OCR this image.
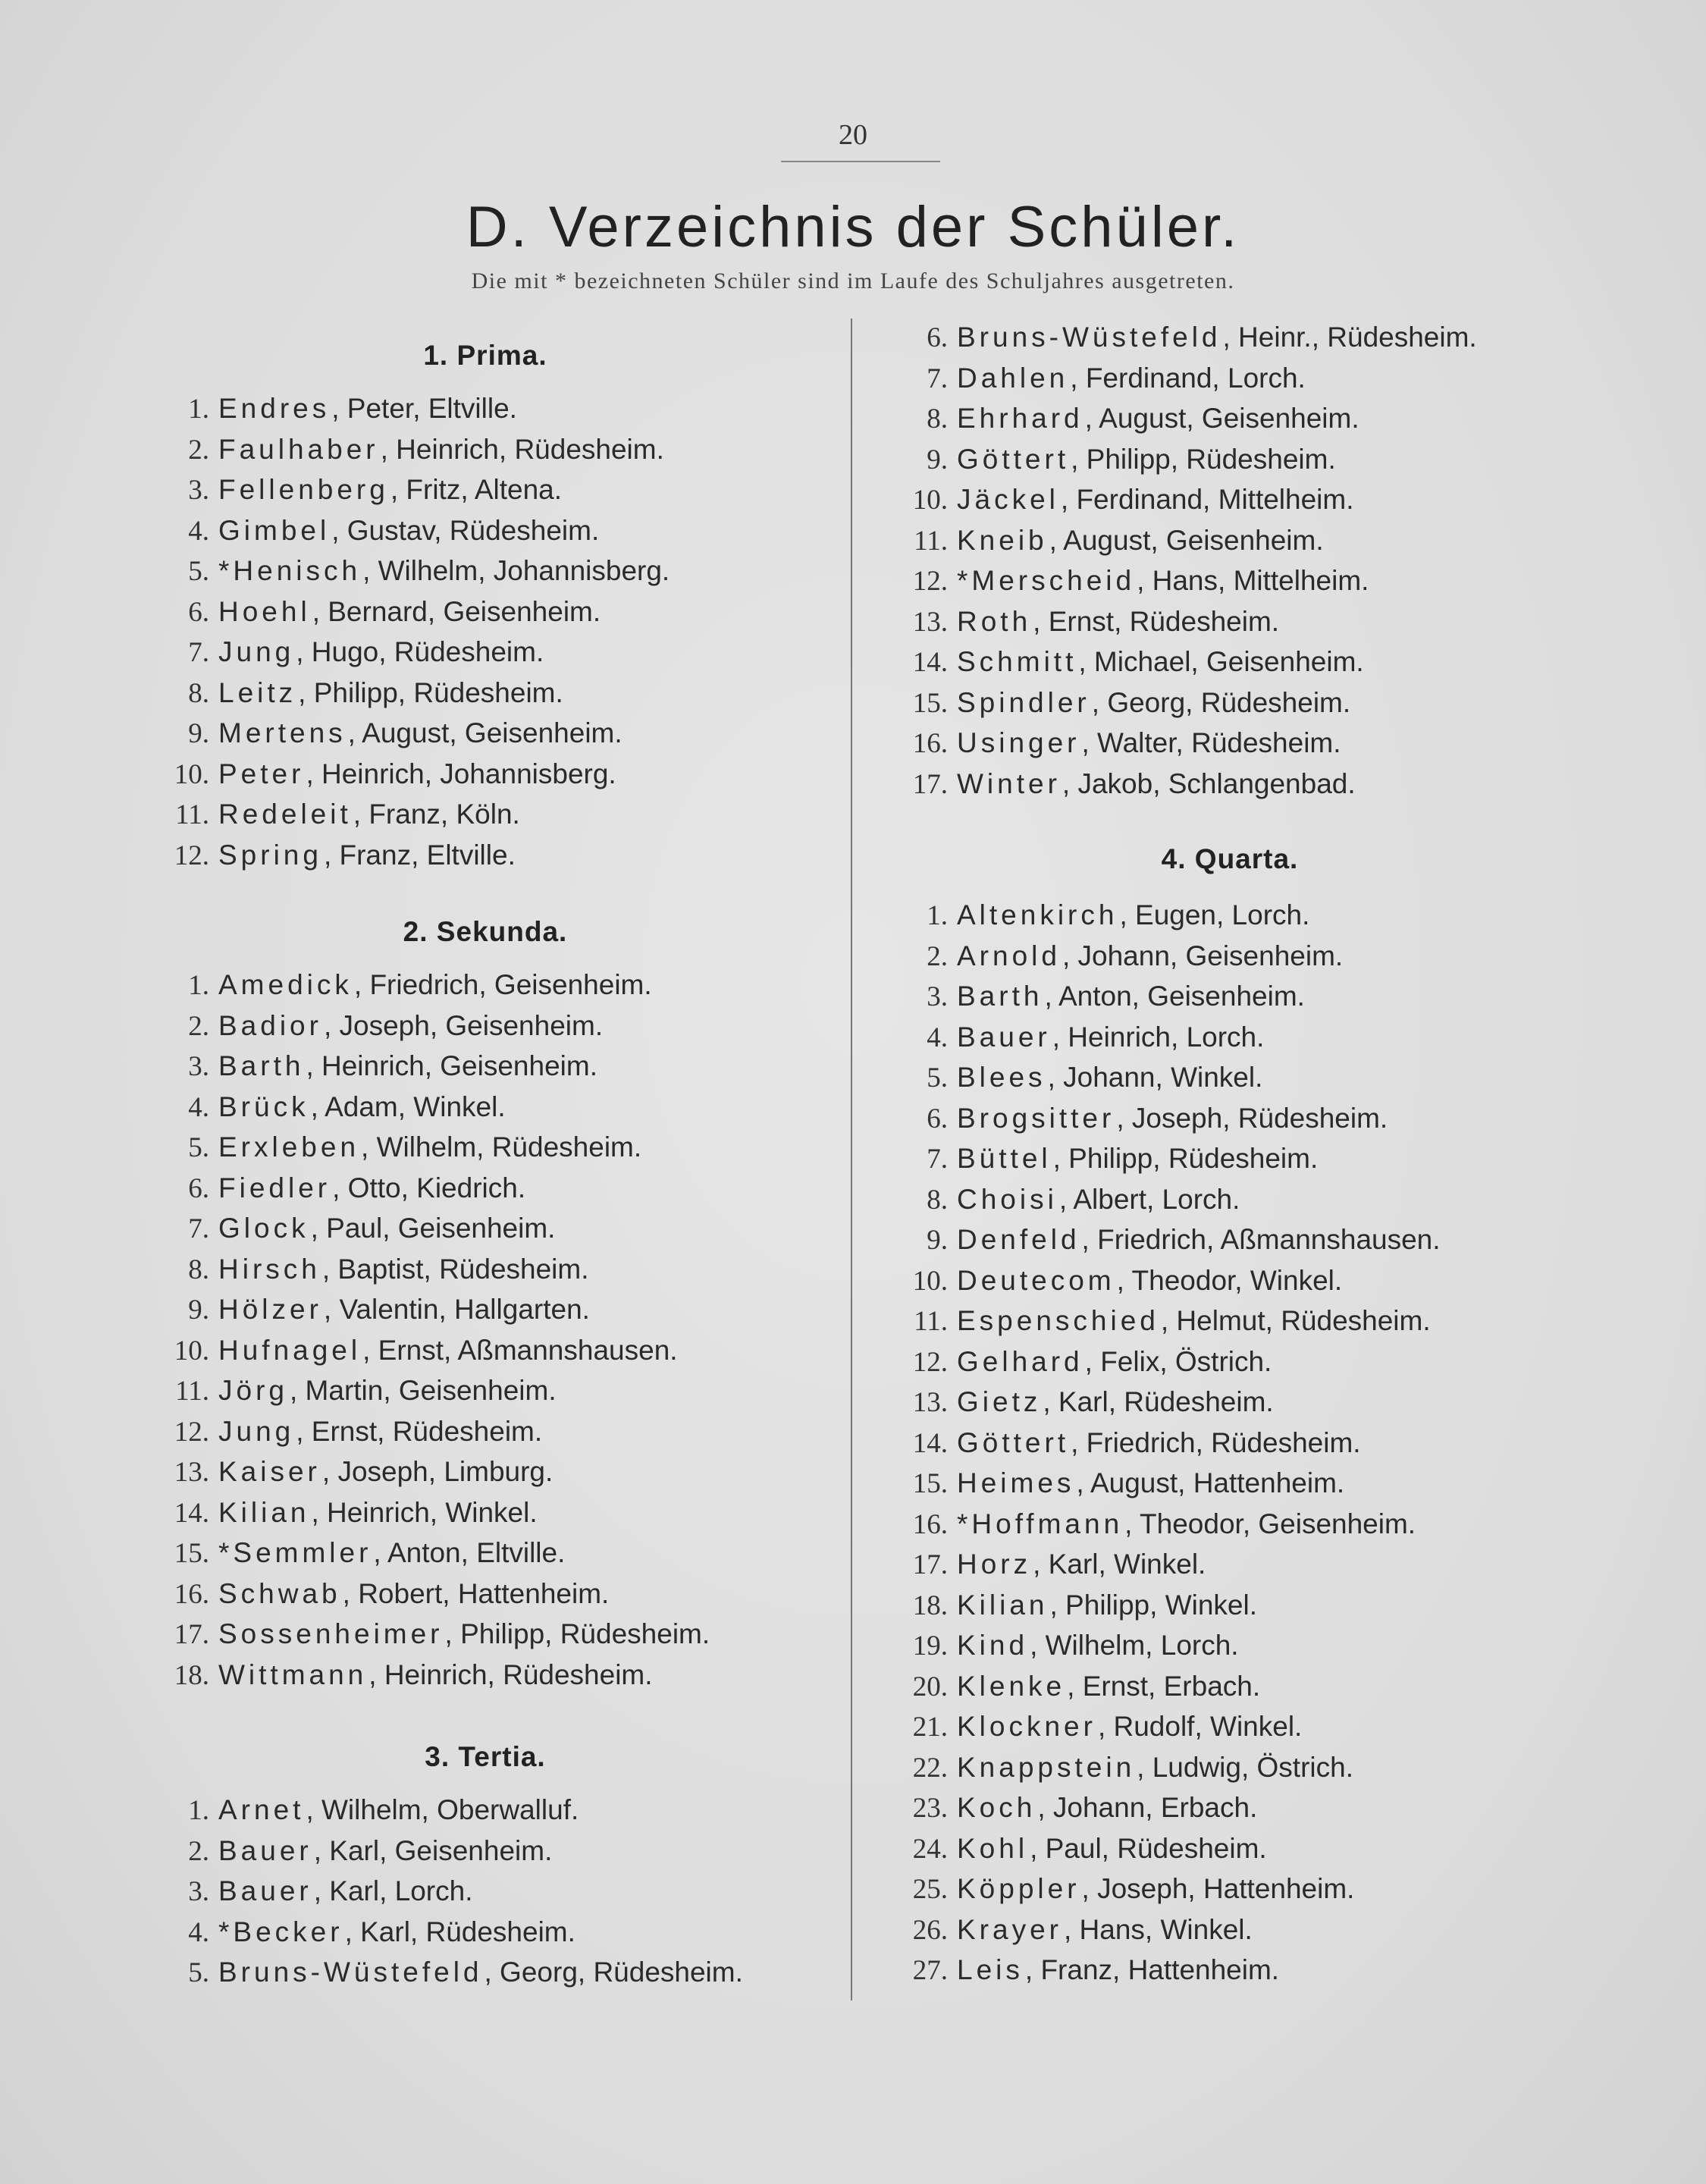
20
D. Verzeichnis der Schüler.
Die mit * bezeichneten Schüler sind im Laufe des Schuljahres ausgetreten.
1. Prima.
1. Endres, Peter, Eltville.
2. Faulhaber, Heinrich, Rüdesheim.
3. Fellenberg, Fritz, Altena.
4. Gimbel, Gustav, Rüdesheim.
5. *Henisch, Wilhelm, Johannisberg.
6. Hoehl, Bernard, Geisenheim.
7. Jung, Hugo, Rüdesheim.
8. Leitz, Philipp, Rüdesheim.
9. Mertens, August, Geisenheim.
10. Peter, Heinrich, Johannisberg.
11. Redeleit, Franz, Köln.
12. Spring, Franz, Eltville.
2. Sekunda.
1. Amedick, Friedrich, Geisenheim.
2. Badior, Joseph, Geisenheim.
3. Barth, Heinrich, Geisenheim.
4. Brück, Adam, Winkel.
5. Erxleben, Wilhelm, Rüdesheim.
6. Fiedler, Otto, Kiedrich.
7. Glock, Paul, Geisenheim.
8. Hirsch, Baptist, Rüdesheim.
9. Hölzer, Valentin, Hallgarten.
10. Hufnagel, Ernst, Aßmannshausen.
11. Jörg, Martin, Geisenheim.
12. Jung, Ernst, Rüdesheim.
13. Kaiser, Joseph, Limburg.
14. Kilian, Heinrich, Winkel.
15. *Semmler, Anton, Eltville.
16. Schwab, Robert, Hattenheim.
17. Sossenheimer, Philipp, Rüdesheim.
18. Wittmann, Heinrich, Rüdesheim.
3. Tertia.
1. Arnet, Wilhelm, Oberwalluf.
2. Bauer, Karl, Geisenheim.
3. Bauer, Karl, Lorch.
4. *Becker, Karl, Rüdesheim.
5. Bruns-Wüstefeld, Georg, Rüdesheim.
6. Bruns-Wüstefeld, Heinr., Rüdesheim.
7. Dahlen, Ferdinand, Lorch.
8. Ehrhard, August, Geisenheim.
9. Göttert, Philipp, Rüdesheim.
10. Jäckel, Ferdinand, Mittelheim.
11. Kneib, August, Geisenheim.
12. *Merscheid, Hans, Mittelheim.
13. Roth, Ernst, Rüdesheim.
14. Schmitt, Michael, Geisenheim.
15. Spindler, Georg, Rüdesheim.
16. Usinger, Walter, Rüdesheim.
17. Winter, Jakob, Schlangenbad.
4. Quarta.
1. Altenkirch, Eugen, Lorch.
2. Arnold, Johann, Geisenheim.
3. Barth, Anton, Geisenheim.
4. Bauer, Heinrich, Lorch.
5. Blees, Johann, Winkel.
6. Brogsitter, Joseph, Rüdesheim.
7. Büttel, Philipp, Rüdesheim.
8. Choisi, Albert, Lorch.
9. Denfeld, Friedrich, Aßmannshausen.
10. Deutecom, Theodor, Winkel.
11. Espenschied, Helmut, Rüdesheim.
12. Gelhard, Felix, Östrich.
13. Gietz, Karl, Rüdesheim.
14. Göttert, Friedrich, Rüdesheim.
15. Heimes, August, Hattenheim.
16. *Hoffmann, Theodor, Geisenheim.
17. Horz, Karl, Winkel.
18. Kilian, Philipp, Winkel.
19. Kind, Wilhelm, Lorch.
20. Klenke, Ernst, Erbach.
21. Klockner, Rudolf, Winkel.
22. Knappstein, Ludwig, Östrich.
23. Koch, Johann, Erbach.
24. Kohl, Paul, Rüdesheim.
25. Köppler, Joseph, Hattenheim.
26. Krayer, Hans, Winkel.
27. Leis, Franz, Hattenheim.
